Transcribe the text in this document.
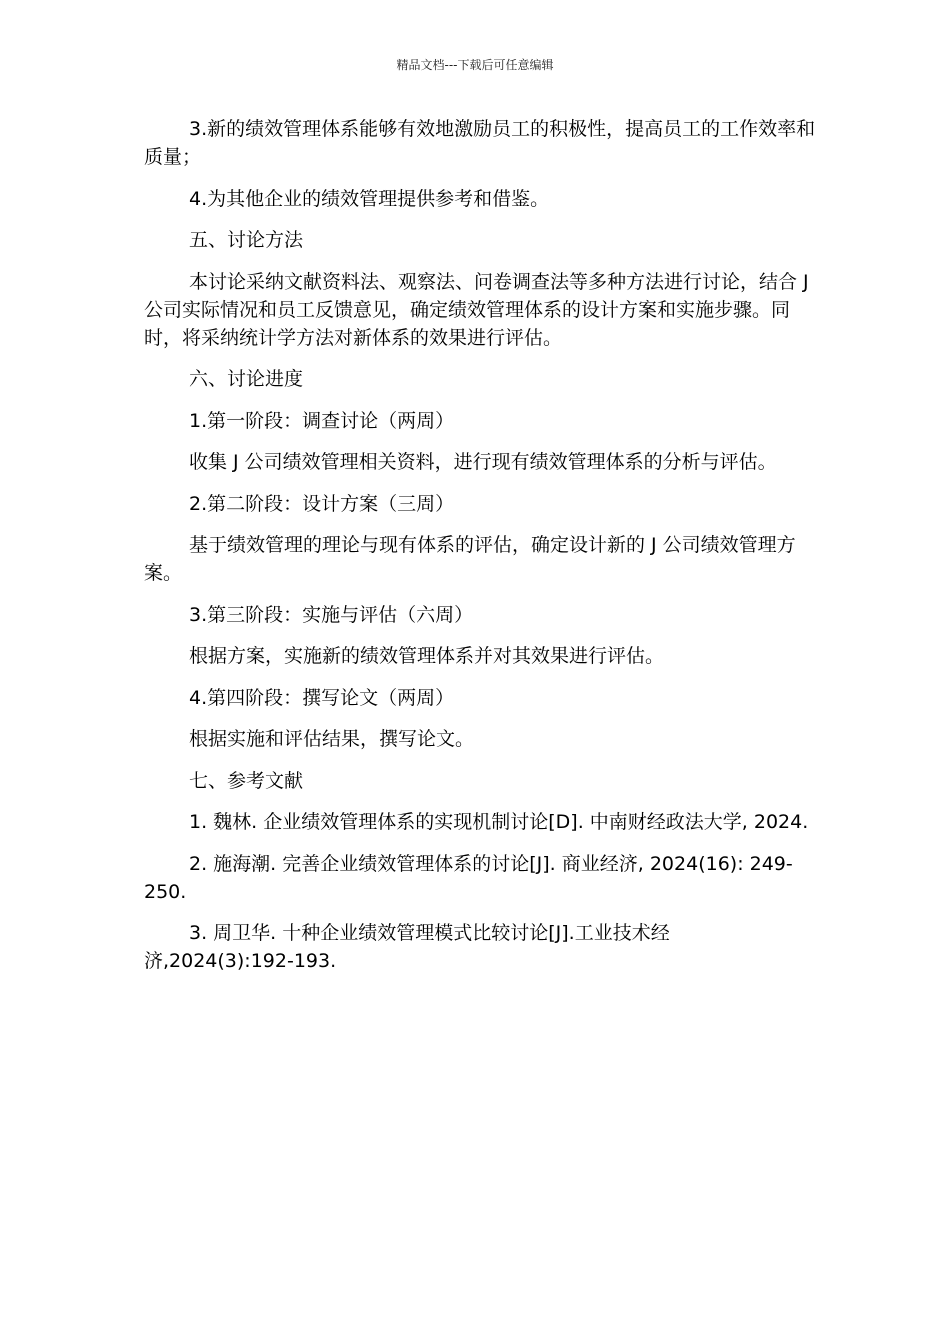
精品文档---下载后可任意编辑

3.新的绩效管理体系能够有效地激励员工的积极性，提高员工的工作效率和质量；

4.为其他企业的绩效管理提供参考和借鉴。

五、讨论方法

本讨论采纳文献资料法、观察法、问卷调查法等多种方法进行讨论，结合 J 公司实际情况和员工反馈意见，确定绩效管理体系的设计方案和实施步骤。同时，将采纳统计学方法对新体系的效果进行评估。

六、讨论进度

1.第一阶段：调查讨论（两周）

收集 J 公司绩效管理相关资料，进行现有绩效管理体系的分析与评估。

2.第二阶段：设计方案（三周）

基于绩效管理的理论与现有体系的评估，确定设计新的 J 公司绩效管理方案。

3.第三阶段：实施与评估（六周）

根据方案，实施新的绩效管理体系并对其效果进行评估。

4.第四阶段：撰写论文（两周）

根据实施和评估结果，撰写论文。

七、参考文献

1. 魏林. 企业绩效管理体系的实现机制讨论[D]. 中南财经政法大学, 2024.

2. 施海潮. 完善企业绩效管理体系的讨论[J]. 商业经济, 2024(16): 249-250.

3. 周卫华. 十种企业绩效管理模式比较讨论[J].工业技术经济,2024(3):192-193.
